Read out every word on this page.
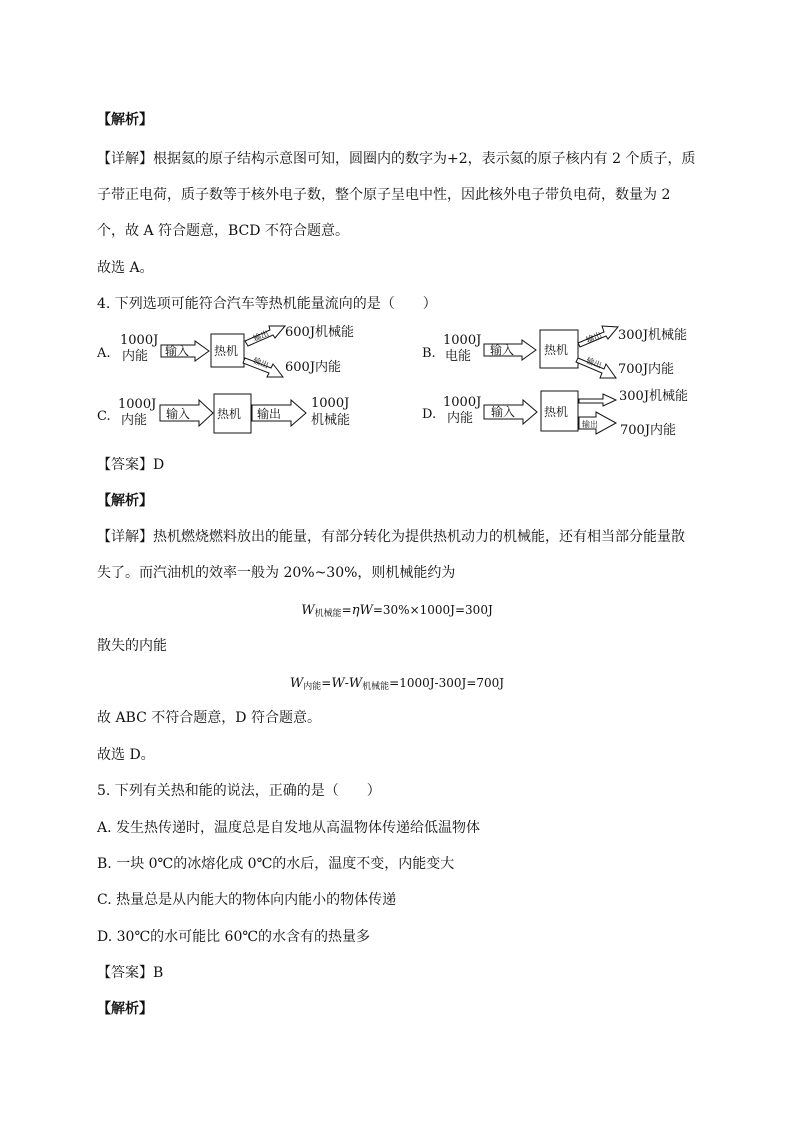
【解析】
【详解】根据氦的原子结构示意图可知，圆圈内的数字为+2，表示氦的原子核内有 2 个质子，质
子带正电荷，质子数等于核外电子数，整个原子呈电中性，因此核外电子带负电荷，数量为 2
个，故 A 符合题意，BCD 不符合题意。
故选 A。
4. 下列选项可能符合汽车等热机能量流向的是（　　）
A.
1000J
内能 输入 热机
输出
输出
600J机械能
600J内能
B.
1000J
电能 输入 热机
输出
输出
300J机械能
700J内能
C.
1000J
内能 输入 热机 输出
1000J
机械能	D.
1000J
内能 输入 热机
输出
300J机械能
700J内能
【答案】D
【解析】
【详解】热机燃烧燃料放出的能量，有部分转化为提供热机动力的机械能，还有相当部分能量散
失了。而汽油机的效率一般为 20%~30%，则机械能约为
$W_{机械能}=\eta W=30\%\times 1000J=300J$
散失的内能
$W_{内能}=W-W_{机械能}=1000J-300J=700J$
故 ABC 不符合题意，D 符合题意。
故选 D。
5. 下列有关热和能的说法，正确的是（　　）
A. 发生热传递时，温度总是自发地从高温物体传递给低温物体
B. 一块 0℃的冰熔化成 0℃的水后，温度不变，内能变大
C. 热量总是从内能大的物体向内能小的物体传递
D. 30℃的水可能比 60℃的水含有的热量多
【答案】B
【解析】
